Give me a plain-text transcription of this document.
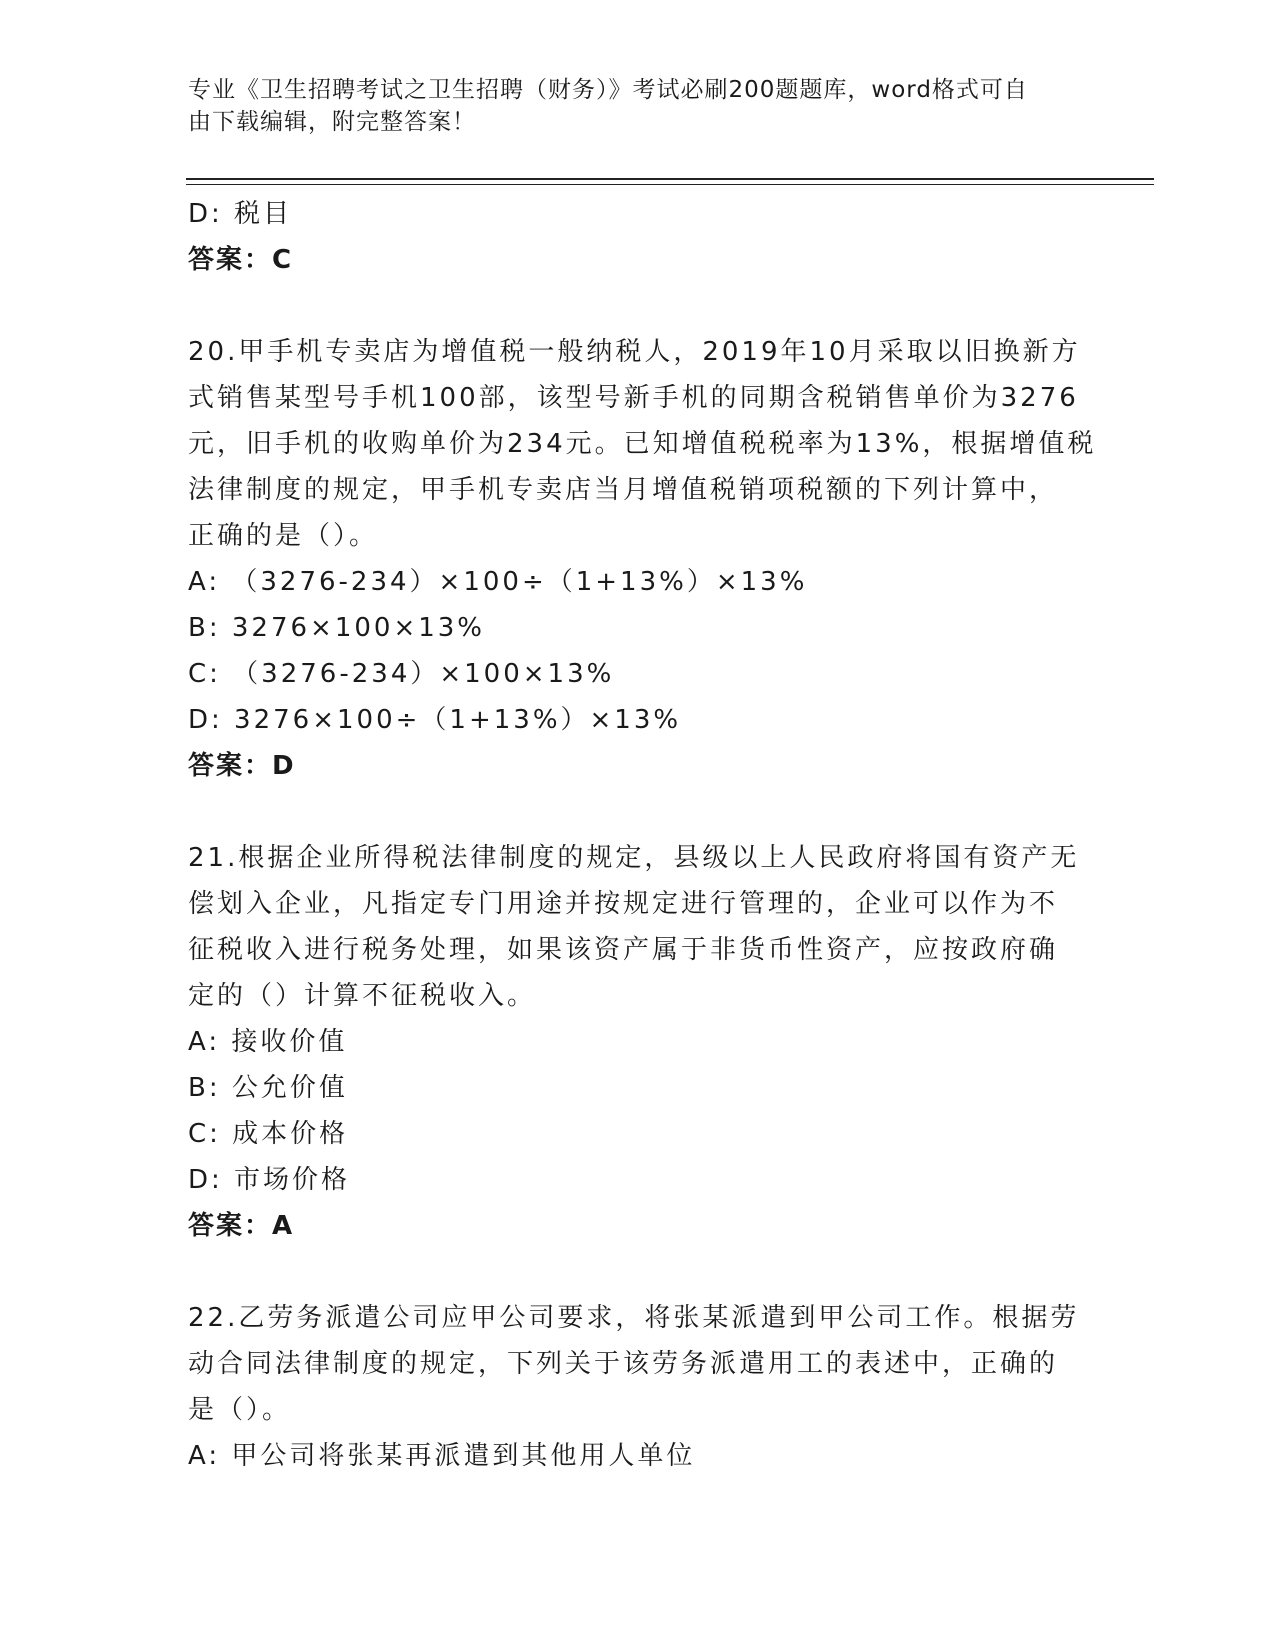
专业《卫生招聘考试之卫生招聘（财务）》考试必刷200题题库，word格式可自
由下载编辑，附完整答案！
D: 税目
答案：C
20.甲手机专卖店为增值税一般纳税人，2019年10月采取以旧换新方
式销售某型号手机100部，该型号新手机的同期含税销售单价为3276
元，旧手机的收购单价为234元。已知增值税税率为13%，根据增值税
法律制度的规定，甲手机专卖店当月增值税销项税额的下列计算中，
正确的是（）。
A: （3276-234）×100÷（1+13%）×13%
B: 3276×100×13%
C: （3276-234）×100×13%
D: 3276×100÷（1+13%）×13%
答案：D
21.根据企业所得税法律制度的规定，县级以上人民政府将国有资产无
偿划入企业，凡指定专门用途并按规定进行管理的，企业可以作为不
征税收入进行税务处理，如果该资产属于非货币性资产，应按政府确
定的（）计算不征税收入。
A: 接收价值
B: 公允价值
C: 成本价格
D: 市场价格
答案：A
22.乙劳务派遣公司应甲公司要求，将张某派遣到甲公司工作。根据劳
动合同法律制度的规定，下列关于该劳务派遣用工的表述中，正确的
是（）。
A: 甲公司将张某再派遣到其他用人单位
